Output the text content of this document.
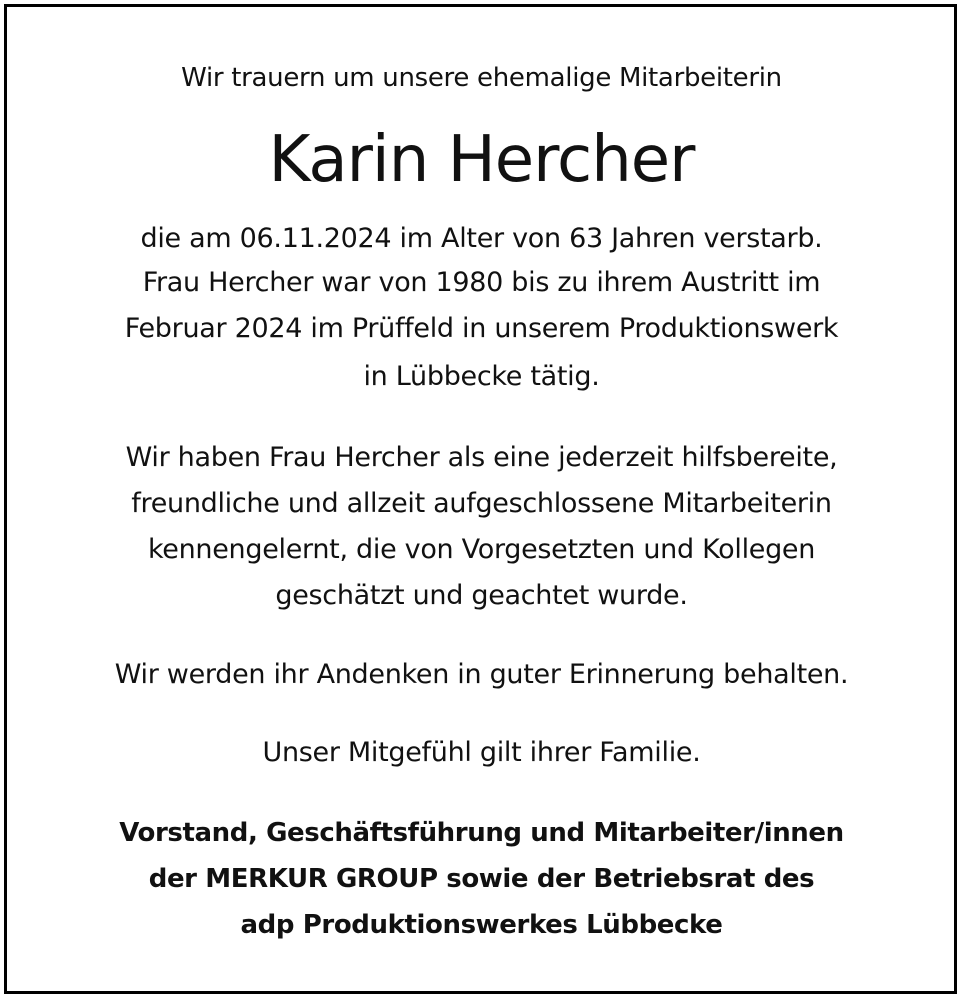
Wir trauern um unsere ehemalige Mitarbeiterin
Karin Hercher
die am 06.11.2024 im Alter von 63 Jahren verstarb.
Frau Hercher war von 1980 bis zu ihrem Austritt im
Februar 2024 im Prüffeld in unserem Produktionswerk
in Lübbecke tätig.
Wir haben Frau Hercher als eine jederzeit hilfsbereite,
freundliche und allzeit aufgeschlossene Mitarbeiterin
kennengelernt, die von Vorgesetzten und Kollegen
geschätzt und geachtet wurde.
Wir werden ihr Andenken in guter Erinnerung behalten.
Unser Mitgefühl gilt ihrer Familie.
Vorstand, Geschäftsführung und Mitarbeiter/innen
der MERKUR GROUP sowie der Betriebsrat des
adp Produktionswerkes Lübbecke
